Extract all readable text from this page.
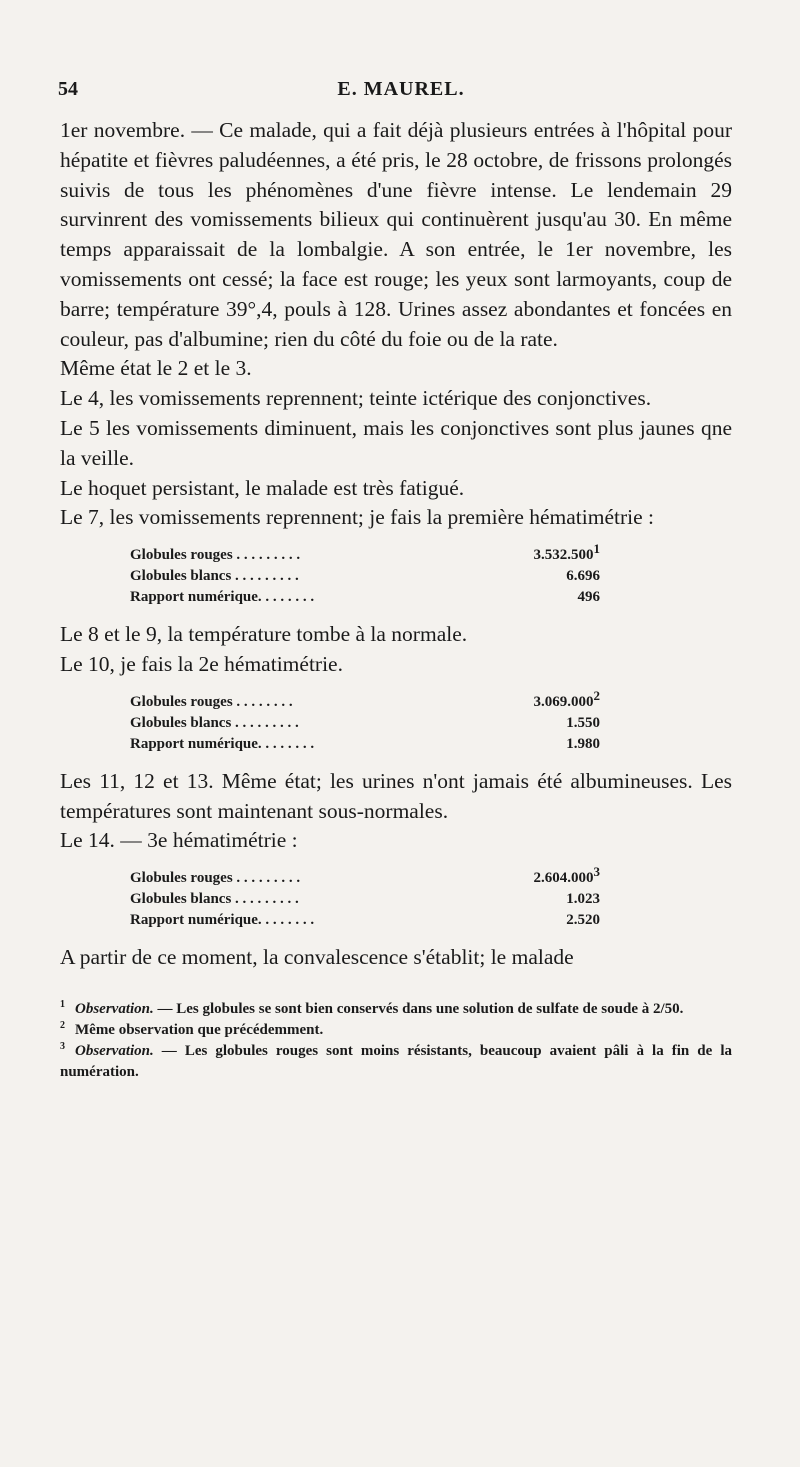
54	E. MAUREL.

1er novembre. — Ce malade, qui a fait déjà plusieurs entrées à l'hôpital pour hépatite et fièvres paludéennes, a été pris, le 28 octobre, de frissons prolongés suivis de tous les phénomènes d'une fièvre intense. Le lendemain 29 survinrent des vomissements bilieux qui continuèrent jusqu'au 30. En même temps apparaissait de la lombalgie. A son entrée, le 1er novembre, les vomissements ont cessé; la face est rouge; les yeux sont larmoyants, coup de barre; température 39°,4, pouls à 128. Urines assez abondantes et foncées en couleur, pas d'albumine; rien du côté du foie ou de la rate.

Même état le 2 et le 3.

Le 4, les vomissements reprennent; teinte ictérique des conjonctives.

Le 5 les vomissements diminuent, mais les conjonctives sont plus jaunes qne la veille.

Le hoquet persistant, le malade est très fatigué.

Le 7, les vomissements reprennent; je fais la première hématimétrie :

Globules rouges . . . . . . . . .	3.532.5001
Globules blancs . . . . . . . . .	6.696
Rapport numérique. . . . . . . .	496

Le 8 et le 9, la température tombe à la normale.

Le 10, je fais la 2e hématimétrie.

Globules rouges . . . . . . . .	3.069.0002
Globules blancs . . . . . . . . .	1.550
Rapport numérique. . . . . . . .	1.980

Les 11, 12 et 13. Même état; les urines n'ont jamais été albumineuses. Les températures sont maintenant sous-normales.

Le 14. — 3e hématimétrie :

Globules rouges . . . . . . . . .	2.604.0003
Globules blancs . . . . . . . . .	1.023
Rapport numérique. . . . . . . .	2.520

A partir de ce moment, la convalescence s'établit; le malade

$^1$ Observation. — Les globules se sont bien conservés dans une solution de sulfate de soude à 2/50.

$^2$ Même observation que précédemment.

$^3$ Observation. — Les globules rouges sont moins résistants, beaucoup avaient pâli à la fin de la numération.
